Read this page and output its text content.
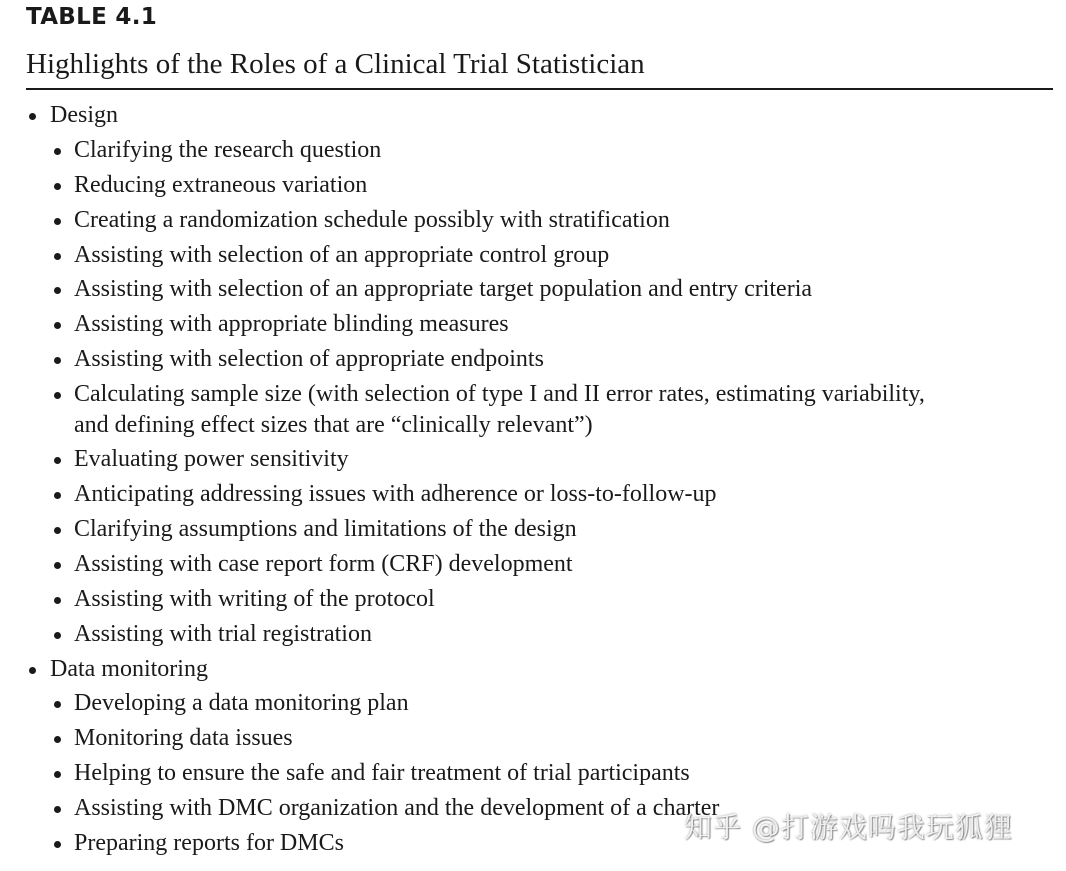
TABLE 4.1
Highlights of the Roles of a Clinical Trial Statistician
Design
Clarifying the research question
Reducing extraneous variation
Creating a randomization schedule possibly with stratification
Assisting with selection of an appropriate control group
Assisting with selection of an appropriate target population and entry criteria
Assisting with appropriate blinding measures
Assisting with selection of appropriate endpoints
Calculating sample size (with selection of type I and II error rates, estimating variability,
and defining effect sizes that are “clinically relevant”)
Evaluating power sensitivity
Anticipating addressing issues with adherence or loss-to-follow-up
Clarifying assumptions and limitations of the design
Assisting with case report form (CRF) development
Assisting with writing of the protocol
Assisting with trial registration
Data monitoring
Developing a data monitoring plan
Monitoring data issues
Helping to ensure the safe and fair treatment of trial participants
Assisting with DMC organization and the development of a charter
Preparing reports for DMCs	知乎 @打游戏吗我玩狐狸
